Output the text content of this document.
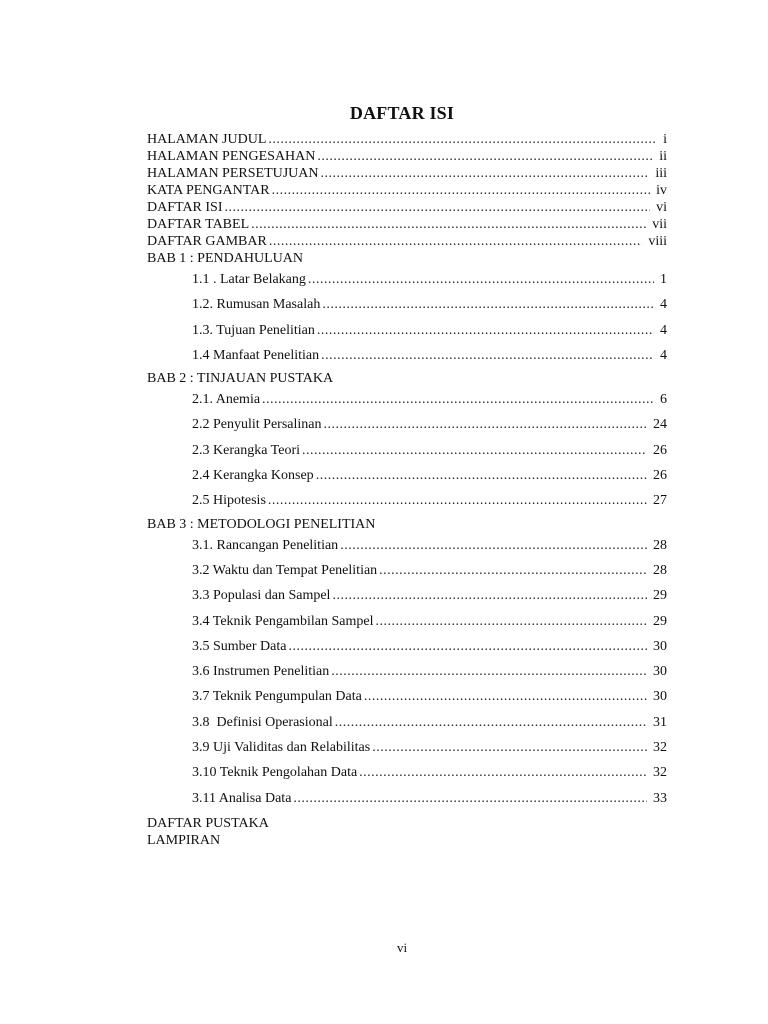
DAFTAR ISI
HALAMAN JUDUL .....	i
HALAMAN PENGESAHAN .....	ii
HALAMAN PERSETUJUAN .....	iii
KATA PENGANTAR .....	iv
DAFTAR ISI .....	vi
DAFTAR TABEL .....	vii
DAFTAR GAMBAR .....	viii
BAB 1 : PENDAHULUAN
1.1 . Latar Belakang .....	1
1.2. Rumusan Masalah .....	4
1.3. Tujuan Penelitian .....	4
1.4 Manfaat Penelitian .....	4
BAB 2 : TINJAUAN PUSTAKA
2.1. Anemia .....	6
2.2 Penyulit Persalinan .....	24
2.3 Kerangka Teori .....	26
2.4 Kerangka Konsep .....	26
2.5 Hipotesis .....	27
BAB 3 : METODOLOGI PENELITIAN
3.1. Rancangan Penelitian .....	28
3.2 Waktu dan Tempat Penelitian .....	28
3.3 Populasi dan Sampel .....	29
3.4 Teknik Pengambilan Sampel .....	29
3.5 Sumber Data .....	30
3.6 Instrumen Penelitian .....	30
3.7 Teknik Pengumpulan Data .....	30
3.8  Definisi Operasional .....	31
3.9 Uji Validitas dan Relabilitas .....	32
3.10 Teknik Pengolahan Data .....	32
3.11 Analisa Data .....	33
DAFTAR PUSTAKA
LAMPIRAN
vi
